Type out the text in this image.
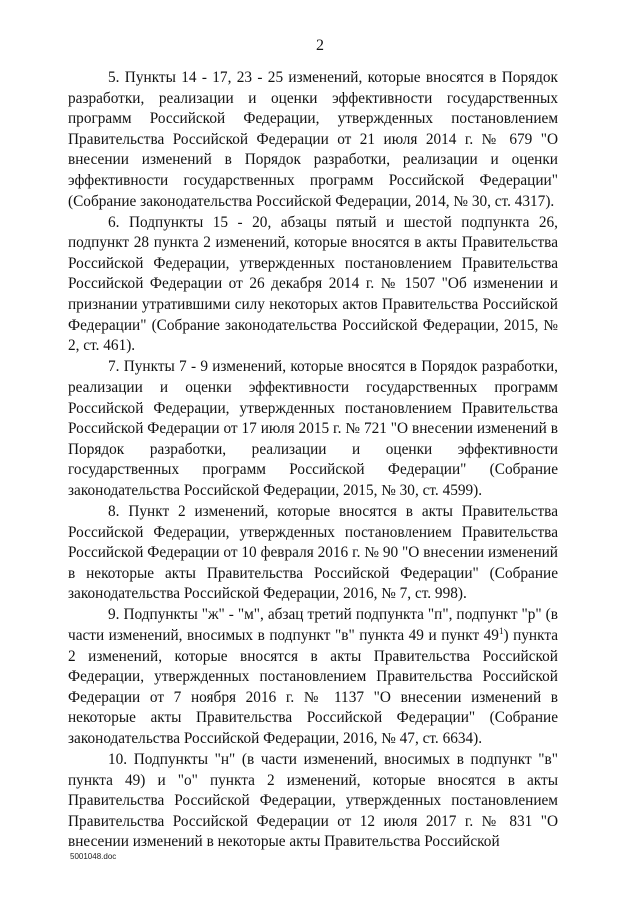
2

5. Пункты 14 - 17, 23 - 25 изменений, которые вносятся в Порядок разработки, реализации и оценки эффективности государственных программ Российской Федерации, утвержденных постановлением Правительства Российской Федерации от 21 июля 2014 г. № 679 "О внесении изменений в Порядок разработки, реализации и оценки эффективности государственных программ Российской Федерации" (Собрание законодательства Российской Федерации, 2014, № 30, ст. 4317).

6. Подпункты 15 - 20, абзацы пятый и шестой подпункта 26, подпункт 28 пункта 2 изменений, которые вносятся в акты Правительства Российской Федерации, утвержденных постановлением Правительства Российской Федерации от 26 декабря 2014 г. № 1507 "Об изменении и признании утратившими силу некоторых актов Правительства Российской Федерации" (Собрание законодательства Российской Федерации, 2015, № 2, ст. 461).

7. Пункты 7 - 9 изменений, которые вносятся в Порядок разработки, реализации и оценки эффективности государственных программ Российской Федерации, утвержденных постановлением Правительства Российской Федерации от 17 июля 2015 г. № 721 "О внесении изменений в Порядок разработки, реализации и оценки эффективности государственных программ Российской Федерации" (Собрание законодательства Российской Федерации, 2015, № 30, ст. 4599).

8. Пункт 2 изменений, которые вносятся в акты Правительства Российской Федерации, утвержденных постановлением Правительства Российской Федерации от 10 февраля 2016 г. № 90 "О внесении изменений в некоторые акты Правительства Российской Федерации" (Собрание законодательства Российской Федерации, 2016, № 7, ст. 998).

9. Подпункты "ж" - "м", абзац третий подпункта "п", подпункт "р" (в части изменений, вносимых в подпункт "в" пункта 49 и пункт $49^1$) пункта 2 изменений, которые вносятся в акты Правительства Российской Федерации, утвержденных постановлением Правительства Российской Федерации от 7 ноября 2016 г. № 1137 "О внесении изменений в некоторые акты Правительства Российской Федерации" (Собрание законодательства Российской Федерации, 2016, № 47, ст. 6634).

10. Подпункты "н" (в части изменений, вносимых в подпункт "в" пункта 49) и "о" пункта 2 изменений, которые вносятся в акты Правительства Российской Федерации, утвержденных постановлением Правительства Российской Федерации от 12 июля 2017 г. № 831 "О внесении изменений в некоторые акты Правительства Российской

5001048.doc
